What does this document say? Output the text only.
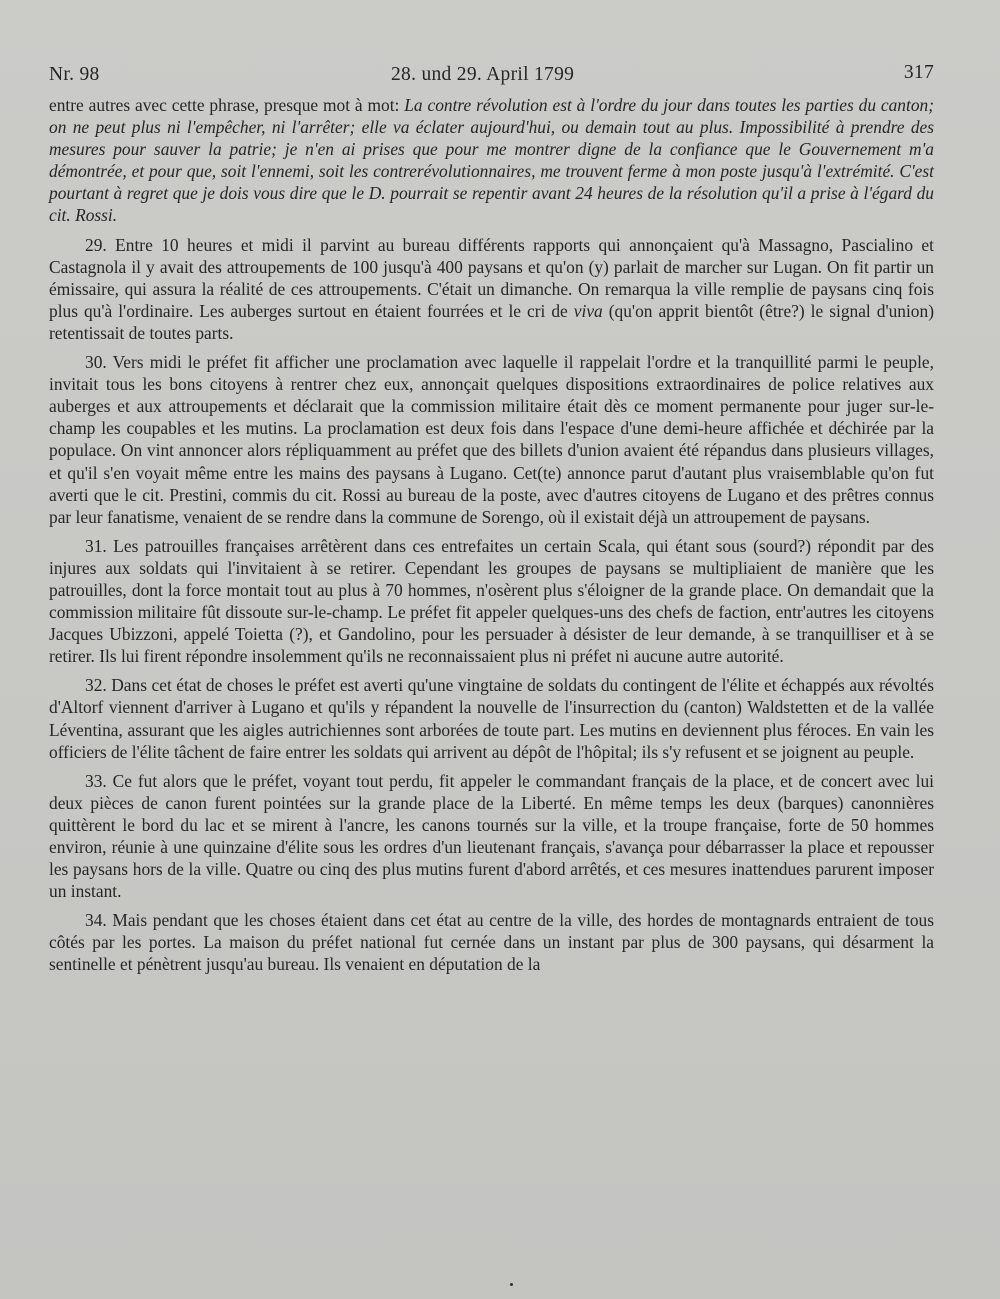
Nr. 98	28. und 29. April 1799	317

entre autres avec cette phrase, presque mot à mot: La contre révolution est à l'ordre du jour dans toutes les parties du canton; on ne peut plus ni l'empêcher, ni l'arrêter; elle va éclater aujourd'hui, ou demain tout au plus. Impossibilité à prendre des mesures pour sauver la patrie; je n'en ai prises que pour me montrer digne de la confiance que le Gouvernement m'a démontrée, et pour que, soit l'ennemi, soit les contrerévolutionnaires, me trouvent ferme à mon poste jusqu'à l'extrémité. C'est pourtant à regret que je dois vous dire que le D. pourrait se repentir avant 24 heures de la résolution qu'il a prise à l'égard du cit. Rossi.

29. Entre 10 heures et midi il parvint au bureau différents rapports qui annonçaient qu'à Massagno, Pascialino et Castagnola il y avait des attroupements de 100 jusqu'à 400 paysans et qu'on (y) parlait de marcher sur Lugan. On fit partir un émissaire, qui assura la réalité de ces attroupements. C'était un dimanche. On remarqua la ville remplie de paysans cinq fois plus qu'à l'ordinaire. Les auberges surtout en étaient fourrées et le cri de viva (qu'on apprit bientôt (être?) le signal d'union) retentissait de toutes parts.

30. Vers midi le préfet fit afficher une proclamation avec laquelle il rappelait l'ordre et la tranquillité parmi le peuple, invitait tous les bons citoyens à rentrer chez eux, annonçait quelques dispositions extraordinaires de police relatives aux auberges et aux attroupements et déclarait que la commission militaire était dès ce moment permanente pour juger sur-le-champ les coupables et les mutins. La proclamation est deux fois dans l'espace d'une demi-heure affichée et déchirée par la populace. On vint annoncer alors répliquamment au préfet que des billets d'union avaient été répandus dans plusieurs villages, et qu'il s'en voyait même entre les mains des paysans à Lugano. Cet(te) annonce parut d'autant plus vraisemblable qu'on fut averti que le cit. Prestini, commis du cit. Rossi au bureau de la poste, avec d'autres citoyens de Lugano et des prêtres connus par leur fanatisme, venaient de se rendre dans la commune de Sorengo, où il existait déjà un attroupement de paysans.

31. Les patrouilles françaises arrêtèrent dans ces entrefaites un certain Scala, qui étant sous (sourd?) répondit par des injures aux soldats qui l'invitaient à se retirer. Cependant les groupes de paysans se multipliaient de manière que les patrouilles, dont la force montait tout au plus à 70 hommes, n'osèrent plus s'éloigner de la grande place. On demandait que la commission militaire fût dissoute sur-le-champ. Le préfet fit appeler quelques-uns des chefs de faction, entr'autres les citoyens Jacques Ubizzoni, appelé Toietta (?), et Gandolino, pour les persuader à désister de leur demande, à se tranquilliser et à se retirer. Ils lui firent répondre insolemment qu'ils ne reconnaissaient plus ni préfet ni aucune autre autorité.

32. Dans cet état de choses le préfet est averti qu'une vingtaine de soldats du contingent de l'élite et échappés aux révoltés d'Altorf viennent d'arriver à Lugano et qu'ils y répandent la nouvelle de l'insurrection du (canton) Waldstetten et de la vallée Léventina, assurant que les aigles autrichiennes sont arborées de toute part. Les mutins en deviennent plus féroces. En vain les officiers de l'élite tâchent de faire entrer les soldats qui arrivent au dépôt de l'hôpital; ils s'y refusent et se joignent au peuple.

33. Ce fut alors que le préfet, voyant tout perdu, fit appeler le commandant français de la place, et de concert avec lui deux pièces de canon furent pointées sur la grande place de la Liberté. En même temps les deux (barques) canonnières quittèrent le bord du lac et se mirent à l'ancre, les canons tournés sur la ville, et la troupe française, forte de 50 hommes environ, réunie à une quinzaine d'élite sous les ordres d'un lieutenant français, s'avança pour débarrasser la place et repousser les paysans hors de la ville. Quatre ou cinq des plus mutins furent d'abord arrêtés, et ces mesures inattendues parurent imposer un instant.

34. Mais pendant que les choses étaient dans cet état au centre de la ville, des hordes de montagnards entraient de tous côtés par les portes. La maison du préfet national fut cernée dans un instant par plus de 300 paysans, qui désarment la sentinelle et pénètrent jusqu'au bureau. Ils venaient en députation de la
